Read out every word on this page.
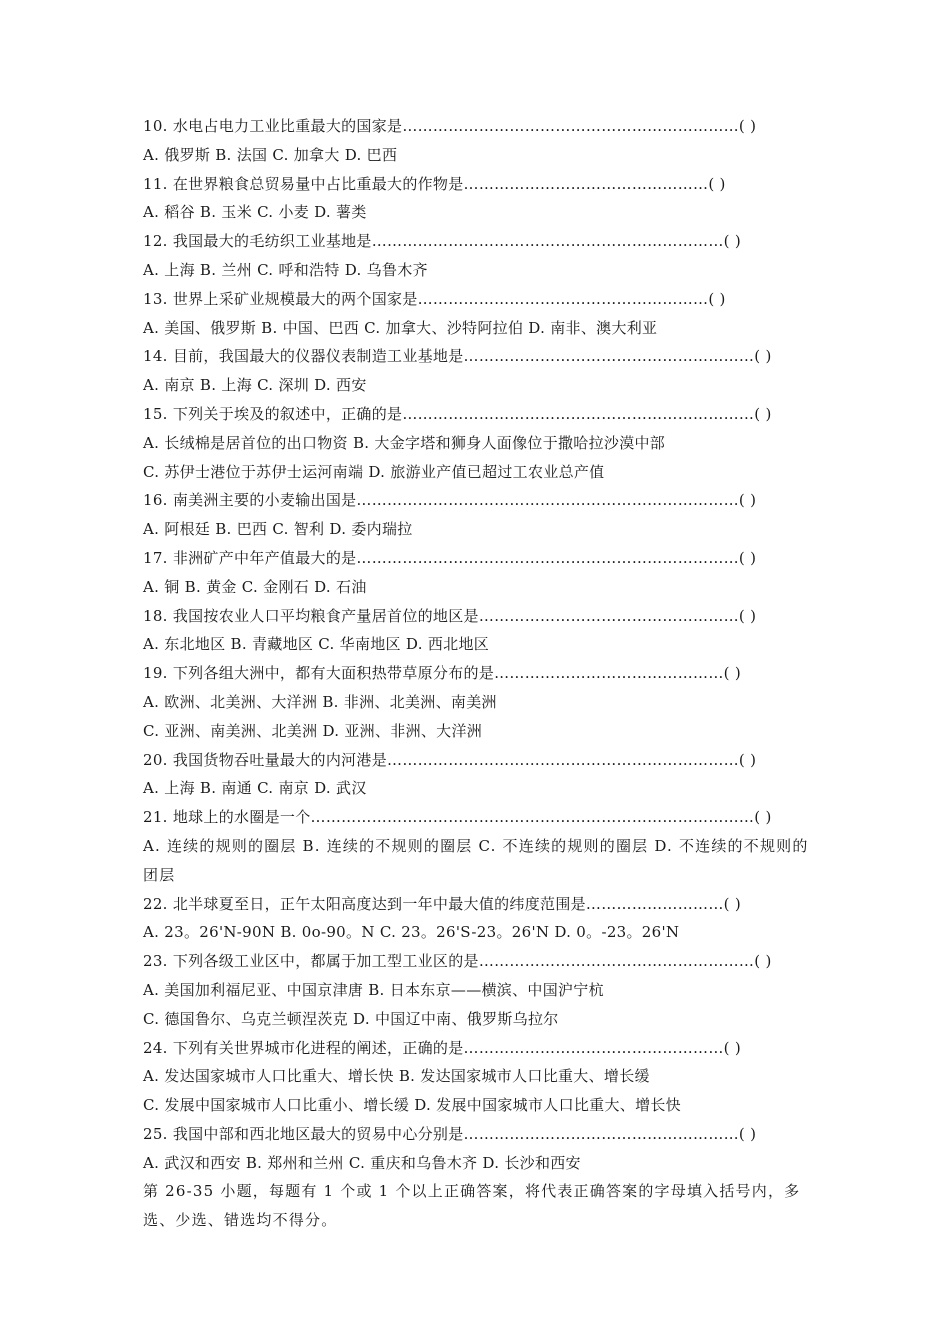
10. 水电占电力工业比重最大的国家是…………………………………………………………( )
A. 俄罗斯 B. 法国 C. 加拿大 D. 巴西
11. 在世界粮食总贸易量中占比重最大的作物是…………………………………………( )
A. 稻谷 B. 玉米 C. 小麦 D. 薯类
12. 我国最大的毛纺织工业基地是……………………………………………………………( )
A. 上海 B. 兰州 C. 呼和浩特 D. 乌鲁木齐
13. 世界上采矿业规模最大的两个国家是…………………………………………………( )
A. 美国、俄罗斯 B. 中国、巴西 C. 加拿大、沙特阿拉伯 D. 南非、澳大利亚
14. 目前，我国最大的仪器仪表制造工业基地是…………………………………………………( )
A. 南京 B. 上海 C. 深圳 D. 西安
15. 下列关于埃及的叙述中，正确的是……………………………………………………………( )
A. 长绒棉是居首位的出口物资 B. 大金字塔和狮身人面像位于撒哈拉沙漠中部
C. 苏伊士港位于苏伊士运河南端 D. 旅游业产值已超过工农业总产值
16. 南美洲主要的小麦输出国是…………………………………………………………………( )
A. 阿根廷 B. 巴西 C. 智利 D. 委内瑞拉
17. 非洲矿产中年产值最大的是…………………………………………………………………( )
A. 铜 B. 黄金 C. 金刚石 D. 石油
18. 我国按农业人口平均粮食产量居首位的地区是……………………………………………( )
A. 东北地区 B. 青藏地区 C. 华南地区 D. 西北地区
19. 下列各组大洲中，都有大面积热带草原分布的是………………………………………( )
A. 欧洲、北美洲、大洋洲 B. 非洲、北美洲、南美洲
C. 亚洲、南美洲、北美洲 D. 亚洲、非洲、大洋洲
20. 我国货物吞吐量最大的内河港是……………………………………………………………( )
A. 上海 B. 南通 C. 南京 D. 武汉
21. 地球上的水圈是一个……………………………………………………………………………( )
A. 连续的规则的圈层 B. 连续的不规则的圈层 C. 不连续的规则的圈层 D. 不连续的不规则的团层
22. 北半球夏至日，正午太阳高度达到一年中最大值的纬度范围是………………………( )
A. 23。26'N-90N B. 0o-90。N C. 23。26'S-23。26'N D. 0。-23。26'N
23. 下列各级工业区中，都属于加工型工业区的是………………………………………………( )
A. 美国加利福尼亚、中国京津唐 B. 日本东京——横滨、中国沪宁杭
C. 德国鲁尔、乌克兰顿涅茨克 D. 中国辽中南、俄罗斯乌拉尔
24. 下列有关世界城市化进程的阐述，正确的是……………………………………………( )
A. 发达国家城市人口比重大、增长快 B. 发达国家城市人口比重大、增长缓
C. 发展中国家城市人口比重小、增长缓 D. 发展中国家城市人口比重大、增长快
25. 我国中部和西北地区最大的贸易中心分别是………………………………………………( )
A. 武汉和西安 B. 郑州和兰州 C. 重庆和乌鲁木齐 D. 长沙和西安
第 26-35 小题，每题有 1 个或 1 个以上正确答案，将代表正确答案的字母填入括号内，多选、少选、错选均不得分。
